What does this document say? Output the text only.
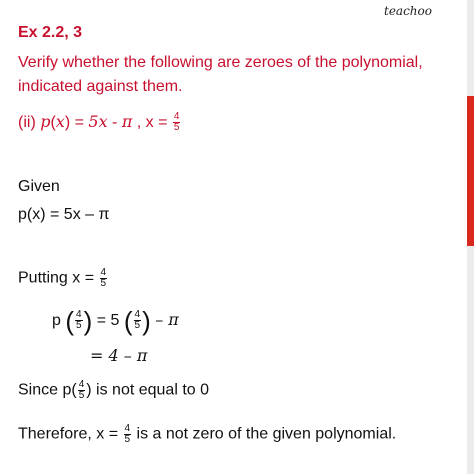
teachoo
Ex 2.2, 3
Verify whether the following are zeroes of the polynomial,
indicated against them.
(ii) p(x) = 5x - π , $x = \frac{4}{5}$
Given
p(x) = 5x – π
Putting $x = \frac{4}{5}$
p ( $\frac{4}{5}$ ) = 5 ( $\frac{4}{5}$ ) – π
= 4 – π
Since $p( \frac{4}{5}$ ) is not equal to 0
Therefore, $x = \frac{4}{5}$ is a not zero of the given polynomial.
